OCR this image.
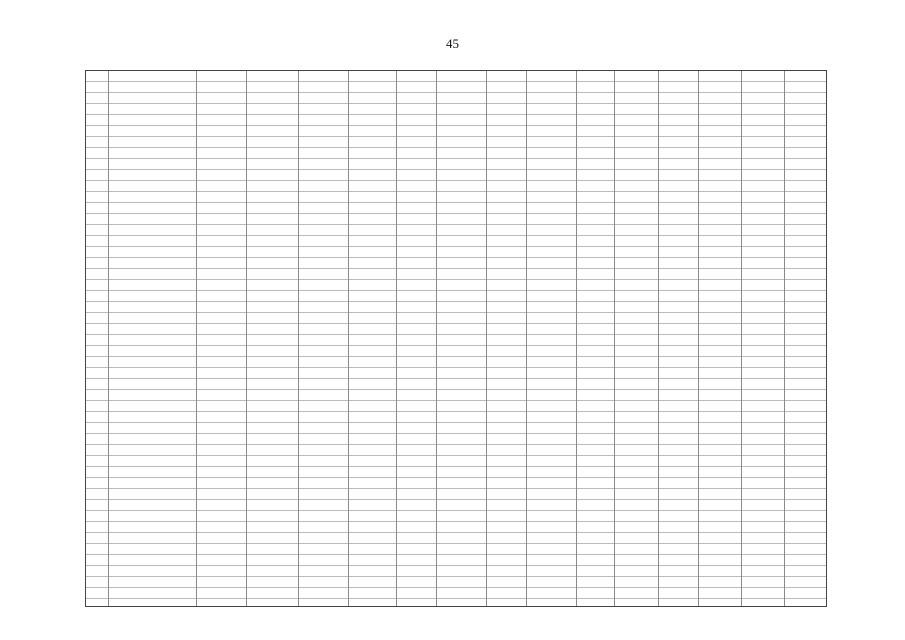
45
